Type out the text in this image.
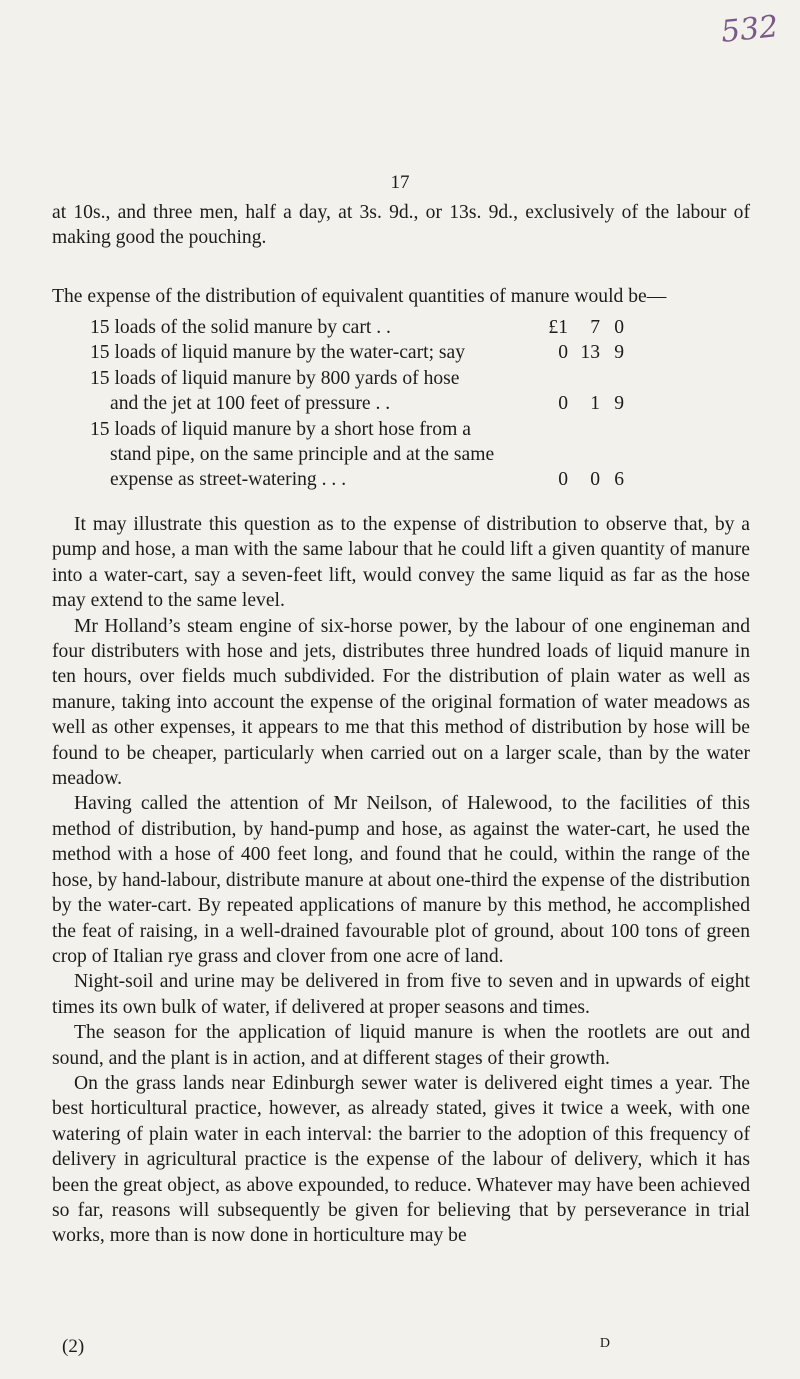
532
17

at 10s., and three men, half a day, at 3s. 9d., or 13s. 9d., exclusively of the labour of making good the pouching.

The expense of the distribution of equivalent quantities of manure would be—

15 loads of the solid manure by cart . .	£1	7 0
15 loads of liquid manure by the water-cart; say	0 13 9
15 loads of liquid manure by 800 yards of hose
and the jet at 100 feet of pressure . .	0	1 9
15 loads of liquid manure by a short hose from a
stand pipe, on the same principle and at the same
expense as street-watering . . .	0	0 6

It may illustrate this question as to the expense of distribution to observe that, by a pump and hose, a man with the same labour that he could lift a given quantity of manure into a water-cart, say a seven-feet lift, would convey the same liquid as far as the hose may extend to the same level.

Mr Holland’s steam engine of six-horse power, by the labour of one engineman and four distributers with hose and jets, distributes three hundred loads of liquid manure in ten hours, over fields much subdivided. For the distribution of plain water as well as manure, taking into account the expense of the original formation of water meadows as well as other expenses, it appears to me that this method of distribution by hose will be found to be cheaper, particularly when carried out on a larger scale, than by the water meadow.

Having called the attention of Mr Neilson, of Halewood, to the facilities of this method of distribution, by hand-pump and hose, as against the water-cart, he used the method with a hose of 400 feet long, and found that he could, within the range of the hose, by hand-labour, distribute manure at about one-third the expense of the distribution by the water-cart. By repeated applications of manure by this method, he accomplished the feat of raising, in a well-drained favourable plot of ground, about 100 tons of green crop of Italian rye grass and clover from one acre of land.

Night-soil and urine may be delivered in from five to seven and in upwards of eight times its own bulk of water, if delivered at proper seasons and times.

The season for the application of liquid manure is when the rootlets are out and sound, and the plant is in action, and at different stages of their growth.

On the grass lands near Edinburgh sewer water is delivered eight times a year. The best horticultural practice, however, as already stated, gives it twice a week, with one watering of plain water in each interval: the barrier to the adoption of this frequency of delivery in agricultural practice is the expense of the labour of delivery, which it has been the great object, as above expounded, to reduce. Whatever may have been achieved so far, reasons will subsequently be given for believing that by perseverance in trial works, more than is now done in horticulture may be

(2)	D
